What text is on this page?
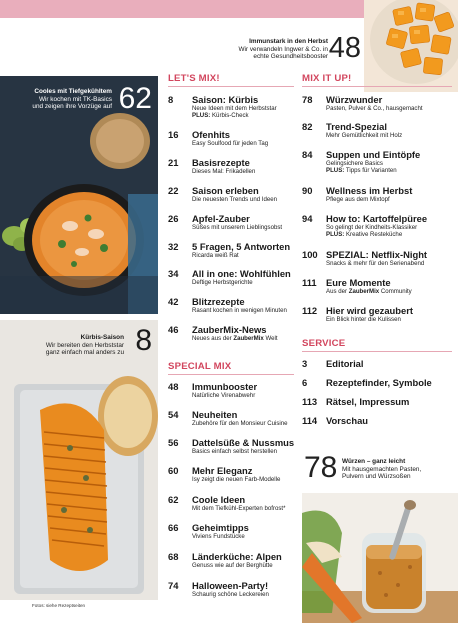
Immunstark in den Herbst
Wir verwandeln Ingwer & Co. in
echte Gesundheitsbooster 48
Cooles mit Tiefgekühltem
Wir kochen mit TK-Basics
und zeigen ihre Vorzüge auf 62
Kürbis-Saison
Wir bereiten den Herbststar
ganz einfach mal anders zu 8
Fotos: siehe Rezeptseiten
LET'S MIX!
8	Saison: Kürbis
Neue Ideen mit dem Herbststar
PLUS: Kürbis-Check
16	Ofenhits
Easy Soulfood für jeden Tag
21	Basisrezepte
Dieses Mal: Frikadellen
22	Saison erleben
Die neuesten Trends und Ideen
26	Apfel-Zauber
Süßes mit unserem Lieblingsobst
32	5 Fragen, 5 Antworten
Ricarda weiß Rat
34	All in one: Wohlfühlen
Deftige Herbstgerichte
42	Blitzrezepte
Rasant kochen in wenigen Minuten
46	ZauberMix-News
Neues aus der ZauberMix Welt
SPECIAL MIX
48	Immunbooster
Natürliche Virenabwehr
54	Neuheiten
Zubehöre für den Monsieur Cuisine
56	Dattelsüße & Nussmus
Basics einfach selbst herstellen
60	Mehr Eleganz
Isy zeigt die neuen Farb-Modelle
62	Coole Ideen
Mit dem Tiefkühl-Experten bofrost*
66	Geheimtipps
Viviens Fundstücke
68	Länderküche: Alpen
Genuss wie auf der Berghütte
74	Halloween-Party!
Schaurig schöne Leckereien
MIX IT UP!
78	Würzwunder
Pasten, Pulver & Co., hausgemacht
82	Trend-Spezial
Mehr Gemütlichkeit mit Holz
84	Suppen und Eintöpfe
Gelingsichere Basics
PLUS: Tipps für Varianten
90	Wellness im Herbst
Pflege aus dem Mixtopf
94	How to: Kartoffelpüree
So gelingt der Kindheits-Klassiker
PLUS: Kreative Resteküche
100 SPEZIAL: Netflix-Night
Snacks & mehr für den Serienabend
111 Eure Momente
Aus der ZauberMix Community
112 Hier wird gezaubert
Ein Blick hinter die Kulissen
SERVICE
3	Editorial
6	Rezeptefinder, Symbole
113 Rätsel, Impressum
114 Vorschau
78 Würzen – ganz leicht
Mit hausgemachten Pasten,
Pulvern und Würzsoßen
